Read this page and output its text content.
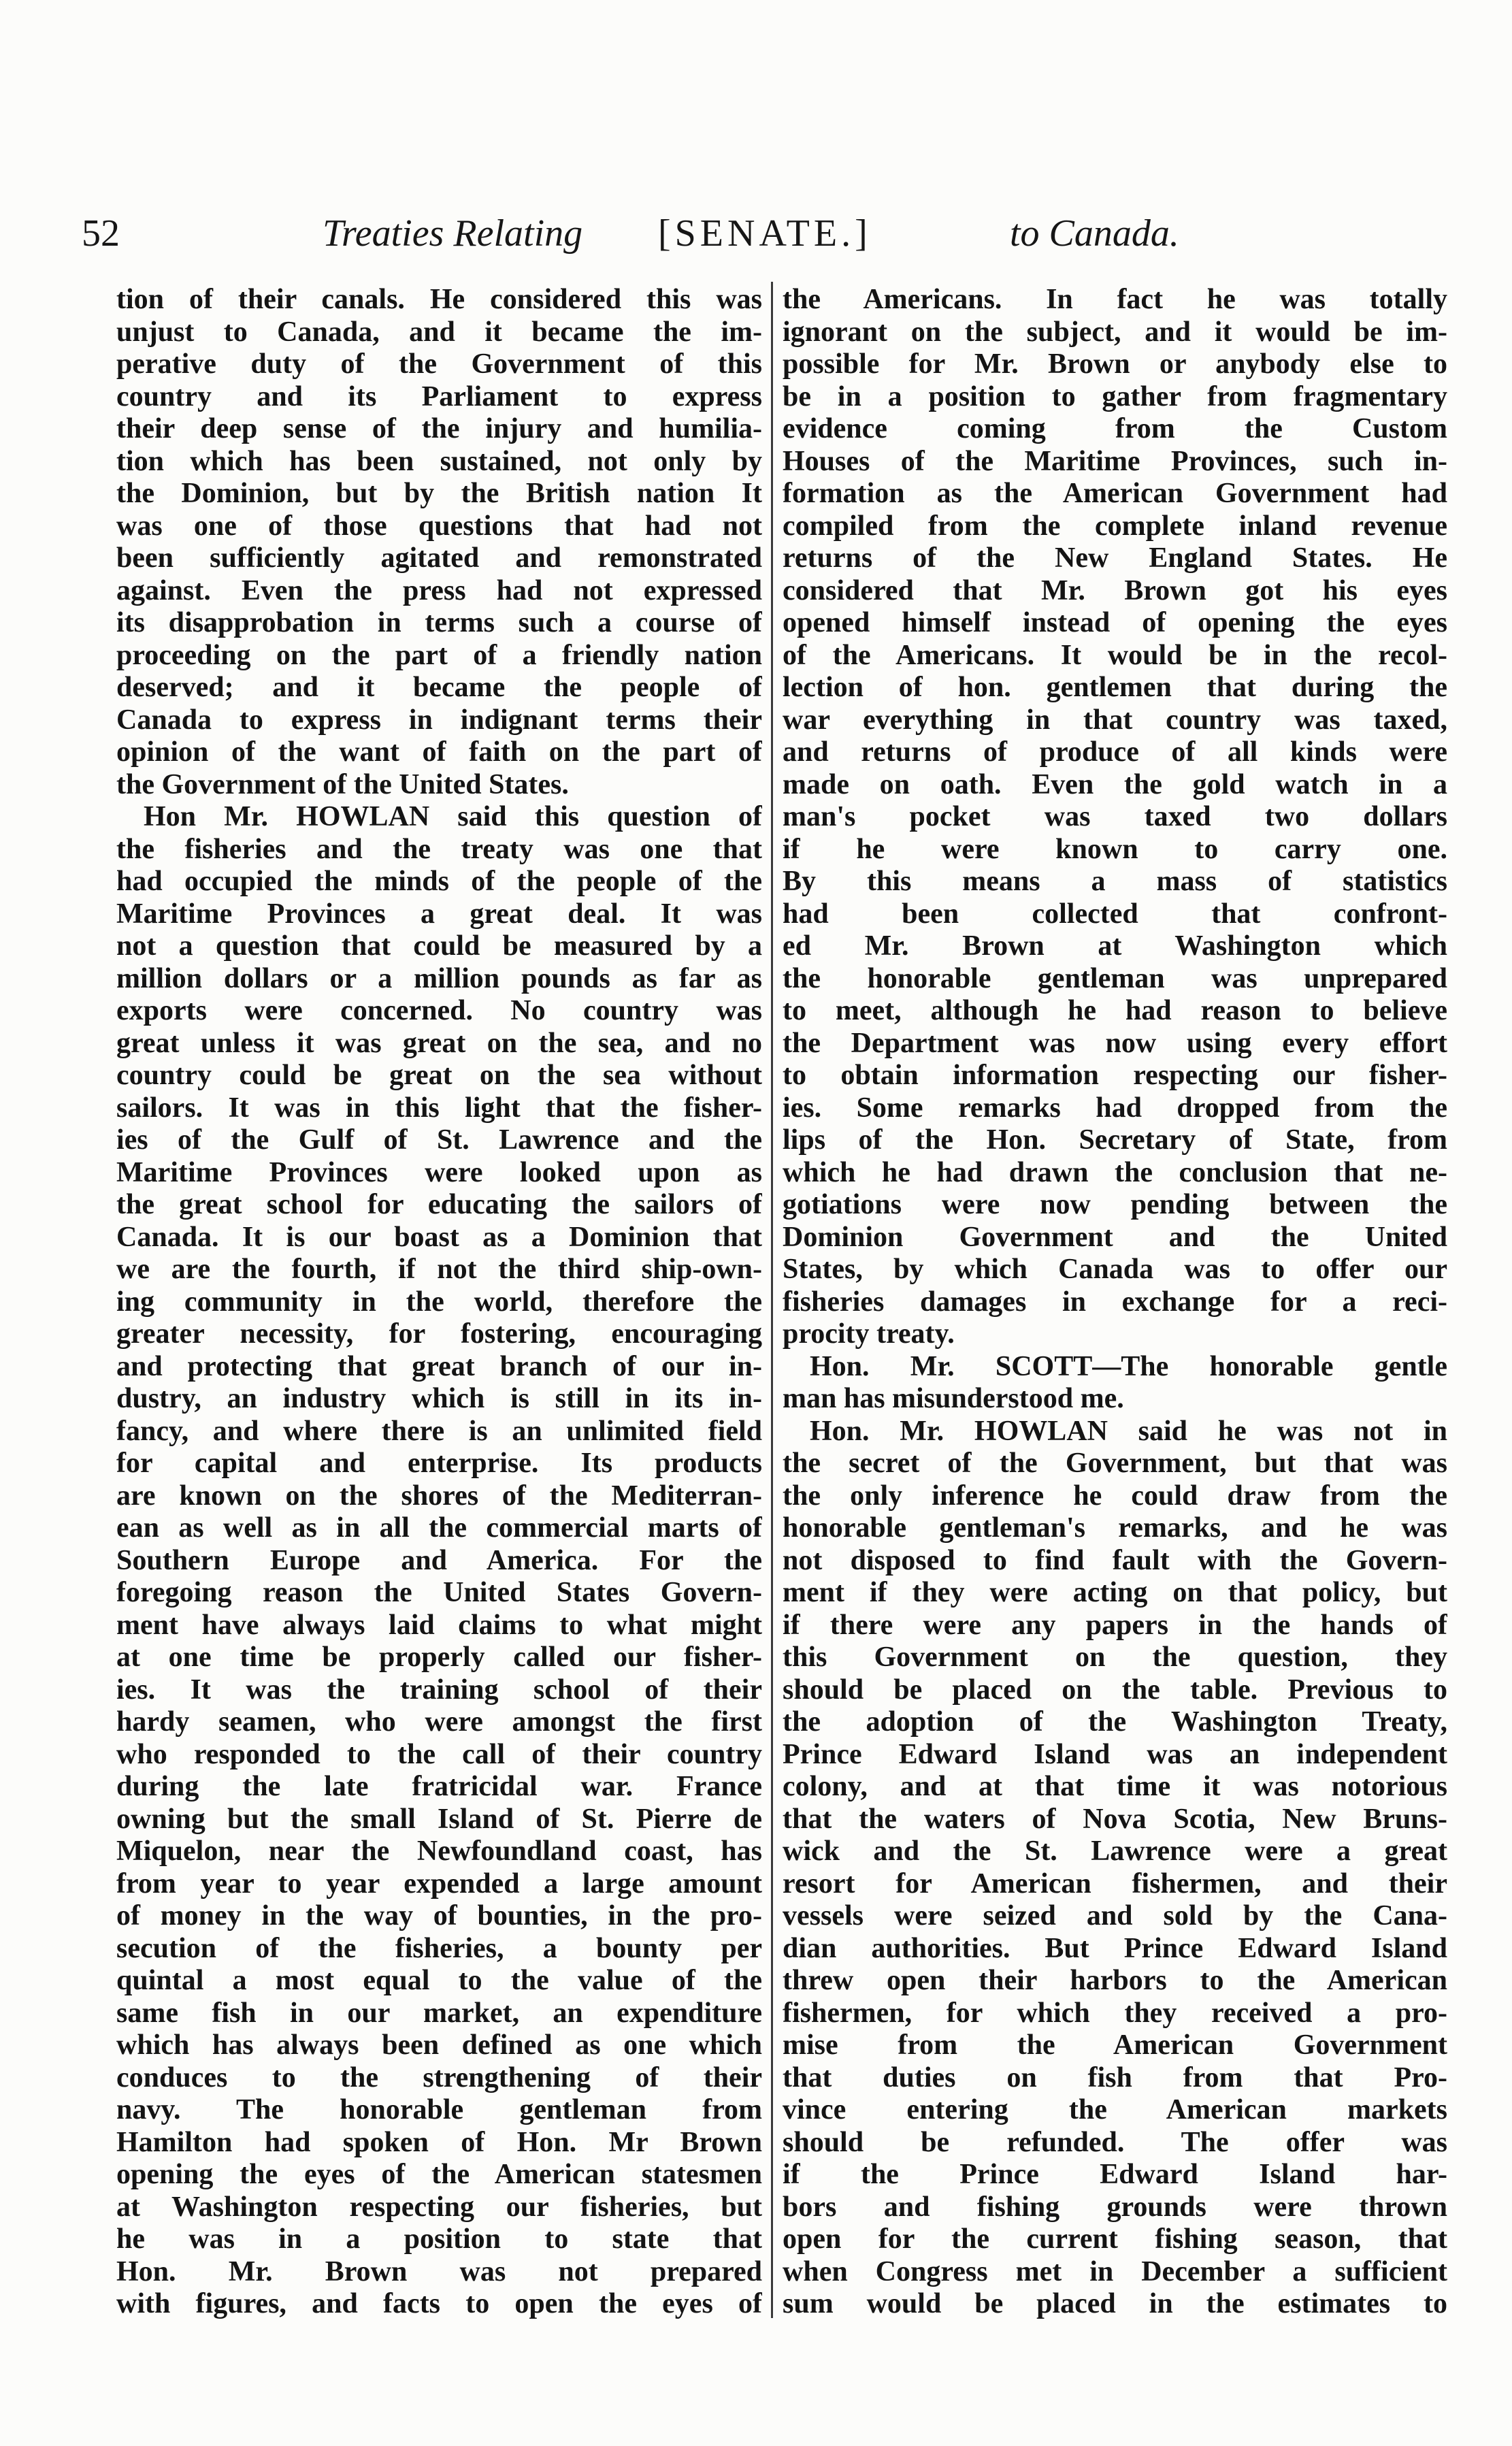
52	Treaties Relating [SENATE.]	to Canada.
tion of their canals. He considered this was
unjust to Canada, and it became the im-
perative duty of the Government of this
country and its Parliament to express
their deep sense of the injury and humilia-
tion which has been sustained, not only by
the Dominion, but by the British nation It
was one of those questions that had not
been sufficiently agitated and remonstrated
against. Even the press had not expressed
its disapprobation in terms such a course of
proceeding on the part of a friendly nation
deserved; and it became the people of
Canada to express in indignant terms their
opinion of the want of faith on the part of
the Government of the United States.
Hon Mr. HOWLAN said this question of
the fisheries and the treaty was one that
had occupied the minds of the people of the
Maritime Provinces a great deal. It was
not a question that could be measured by a
million dollars or a million pounds as far as
exports were concerned. No country was
great unless it was great on the sea, and no
country could be great on the sea without
sailors. It was in this light that the fisher-
ies of the Gulf of St. Lawrence and the
Maritime Provinces were looked upon as
the great school for educating the sailors of
Canada. It is our boast as a Dominion that
we are the fourth, if not the third ship-own-
ing community in the world, therefore the
greater necessity, for fostering, encouraging
and protecting that great branch of our in-
dustry, an industry which is still in its in-
fancy, and where there is an unlimited field
for capital and enterprise. Its products
are known on the shores of the Mediterran-
ean as well as in all the commercial marts of
Southern Europe and America. For the
foregoing reason the United States Govern-
ment have always laid claims to what might
at one time be properly called our fisher-
ies. It was the training school of their
hardy seamen, who were amongst the first
who responded to the call of their country
during the late fratricidal war. France
owning but the small Island of St. Pierre de
Miquelon, near the Newfoundland coast, has
from year to year expended a large amount
of money in the way of bounties, in the pro-
secution of the fisheries, a bounty per
quintal a most equal to the value of the
same fish in our market, an expenditure
which has always been defined as one which
conduces to the strengthening of their
navy. The honorable gentleman from
Hamilton had spoken of Hon. Mr Brown
opening the eyes of the American statesmen
at Washington respecting our fisheries, but
he was in a position to state that
Hon. Mr. Brown was not prepared
with figures, and facts to open the eyes of
the Americans. In fact he was totally
ignorant on the subject, and it would be im-
possible for Mr. Brown or anybody else to
be in a position to gather from fragmentary
evidence coming from the Custom
Houses of the Maritime Provinces, such in-
formation as the American Government had
compiled from the complete inland revenue
returns of the New England States. He
considered that Mr. Brown got his eyes
opened himself instead of opening the eyes
of the Americans. It would be in the recol-
lection of hon. gentlemen that during the
war everything in that country was taxed,
and returns of produce of all kinds were
made on oath. Even the gold watch in a
man's pocket was taxed two dollars
if he were known to carry one.
By this means a mass of statistics
had been collected that confront-
ed Mr. Brown at Washington which
the honorable gentleman was unprepared
to meet, although he had reason to believe
the Department was now using every effort
to obtain information respecting our fisher-
ies. Some remarks had dropped from the
lips of the Hon. Secretary of State, from
which he had drawn the conclusion that ne-
gotiations were now pending between the
Dominion Government and the United
States, by which Canada was to offer our
fisheries damages in exchange for a reci-
procity treaty.
Hon. Mr. SCOTT—The honorable gentle
man has misunderstood me.
Hon. Mr. HOWLAN said he was not in
the secret of the Government, but that was
the only inference he could draw from the
honorable gentleman's remarks, and he was
not disposed to find fault with the Govern-
ment if they were acting on that policy, but
if there were any papers in the hands of
this Government on the question, they
should be placed on the table. Previous to
the adoption of the Washington Treaty,
Prince Edward Island was an independent
colony, and at that time it was notorious
that the waters of Nova Scotia, New Bruns-
wick and the St. Lawrence were a great
resort for American fishermen, and their
vessels were seized and sold by the Cana-
dian authorities. But Prince Edward Island
threw open their harbors to the American
fishermen, for which they received a pro-
mise from the American Government
that duties on fish from that Pro-
vince entering the American markets
should be refunded. The offer was
if the Prince Edward Island har-
bors and fishing grounds were thrown
open for the current fishing season, that
when Congress met in December a sufficient
sum would be placed in the estimates to
